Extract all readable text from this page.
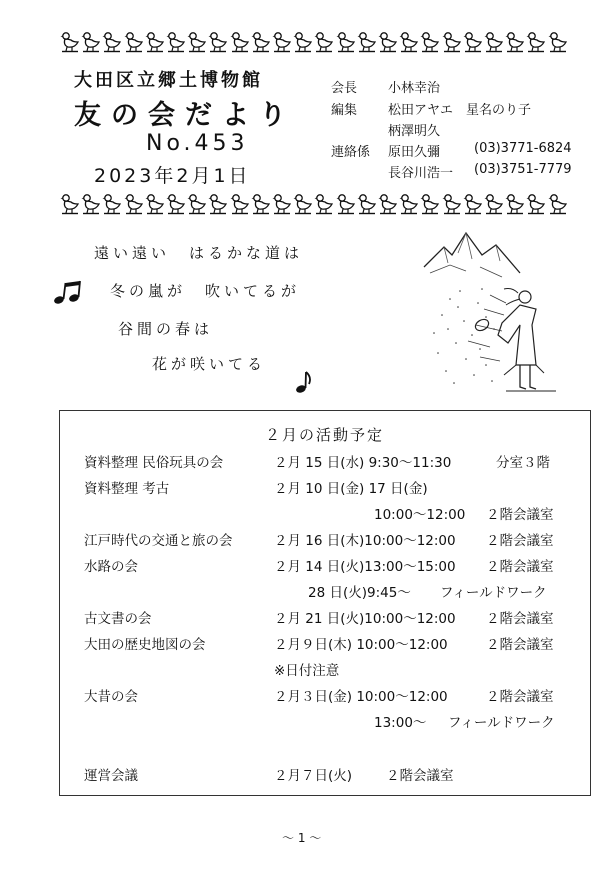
大田区立郷土博物館
友の会だより
No.453
2023年2月1日
会長 小林幸治
編集 松田アヤエ　星名のり子
柄澤明久
連絡係 原田久彌	(03)3771-6824
長谷川浩一 (03)3751-7779
遠い遠い　はるかな道は
冬の嵐が　吹いてるが
谷間の春は
花が咲いてる
２月の活動予定
資料整理 民俗玩具の会	２月 15 日(水) 9:30～11:30	分室３階
資料整理 考古	２月 10 日(金) 17 日(金)
10:00～12:00 ２階会議室
江戸時代の交通と旅の会	２月 16 日(木)10:00～12:00 ２階会議室
水路の会	２月 14 日(火)13:00～15:00 ２階会議室
28 日(火)9:45～ フィールドワーク
古文書の会	２月 21 日(火)10:00～12:00 ２階会議室
大田の歴史地図の会	２月９日(木) 10:00～12:00	２階会議室
※日付注意
大昔の会	２月３日(金) 10:00～12:00	２階会議室
13:00～ フィールドワーク
運営会議	２月７日(火)	２階会議室
～ 1 ～
